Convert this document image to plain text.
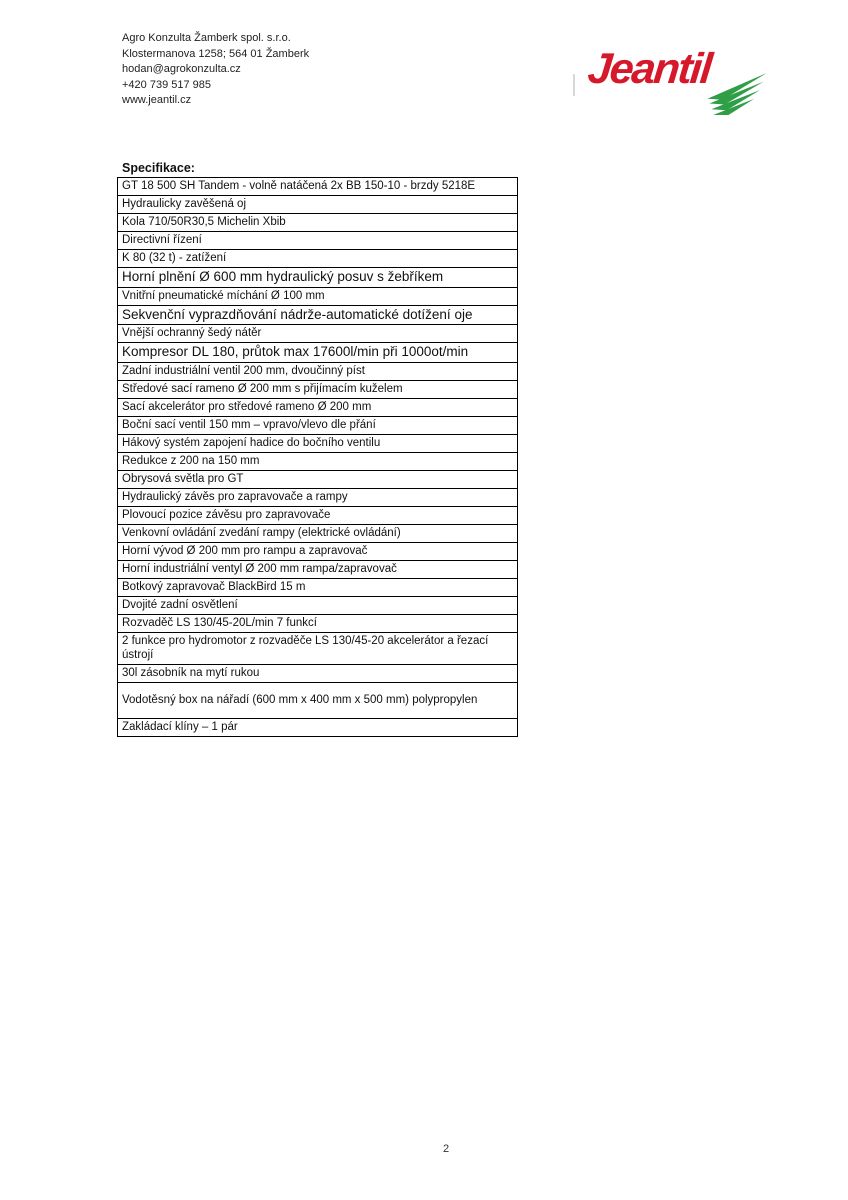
Agro Konzulta Žamberk spol. s.r.o.
Klostermanova 1258; 564 01 Žamberk
hodan@agrokonzulta.cz
+420 739 517 985
www.jeantil.cz
Jeantil
Specifikace:
GT 18 500 SH Tandem - volně natáčená 2x BB 150-10 - brzdy 5218E
Hydraulicky zavěšená oj
Kola 710/50R30,5 Michelin Xbib
Directivní řízení
K 80 (32 t) - zatížení
Horní plnění Ø 600 mm hydraulický posuv s žebříkem
Vnitřní pneumatické míchání Ø 100 mm
Sekvenční vyprazdňování nádrže-automatické dotížení oje
Vnější ochranný šedý nátěr
Kompresor DL 180, průtok max 17600l/min při 1000ot/min
Zadní industriální ventil 200 mm, dvoučinný píst
Středové sací rameno Ø 200 mm s přijímacím kuželem
Sací akcelerátor pro středové rameno Ø 200 mm
Boční sací ventil 150 mm – vpravo/vlevo dle přání
Hákový systém zapojení hadice do bočního ventilu
Redukce z 200 na 150 mm
Obrysová světla pro GT
Hydraulický závěs pro zapravovače a rampy
Plovoucí pozice závěsu pro zapravovače
Venkovní ovládání zvedání rampy (elektrické ovládání)
Horní vývod Ø 200 mm pro rampu a zapravovač
Horní industriální ventyl Ø 200 mm rampa/zapravovač
Botkový zapravovač BlackBird 15 m
Dvojité zadní osvětlení
Rozvaděč LS 130/45-20L/min 7 funkcí
2 funkce pro hydromotor z rozvaděče LS 130/45-20 akcelerátor a řezací ústrojí
30l zásobník na mytí rukou
Vodotěsný box na nářadí (600 mm x 400 mm x 500 mm) polypropylen
Zakládací klíny – 1 pár
2
